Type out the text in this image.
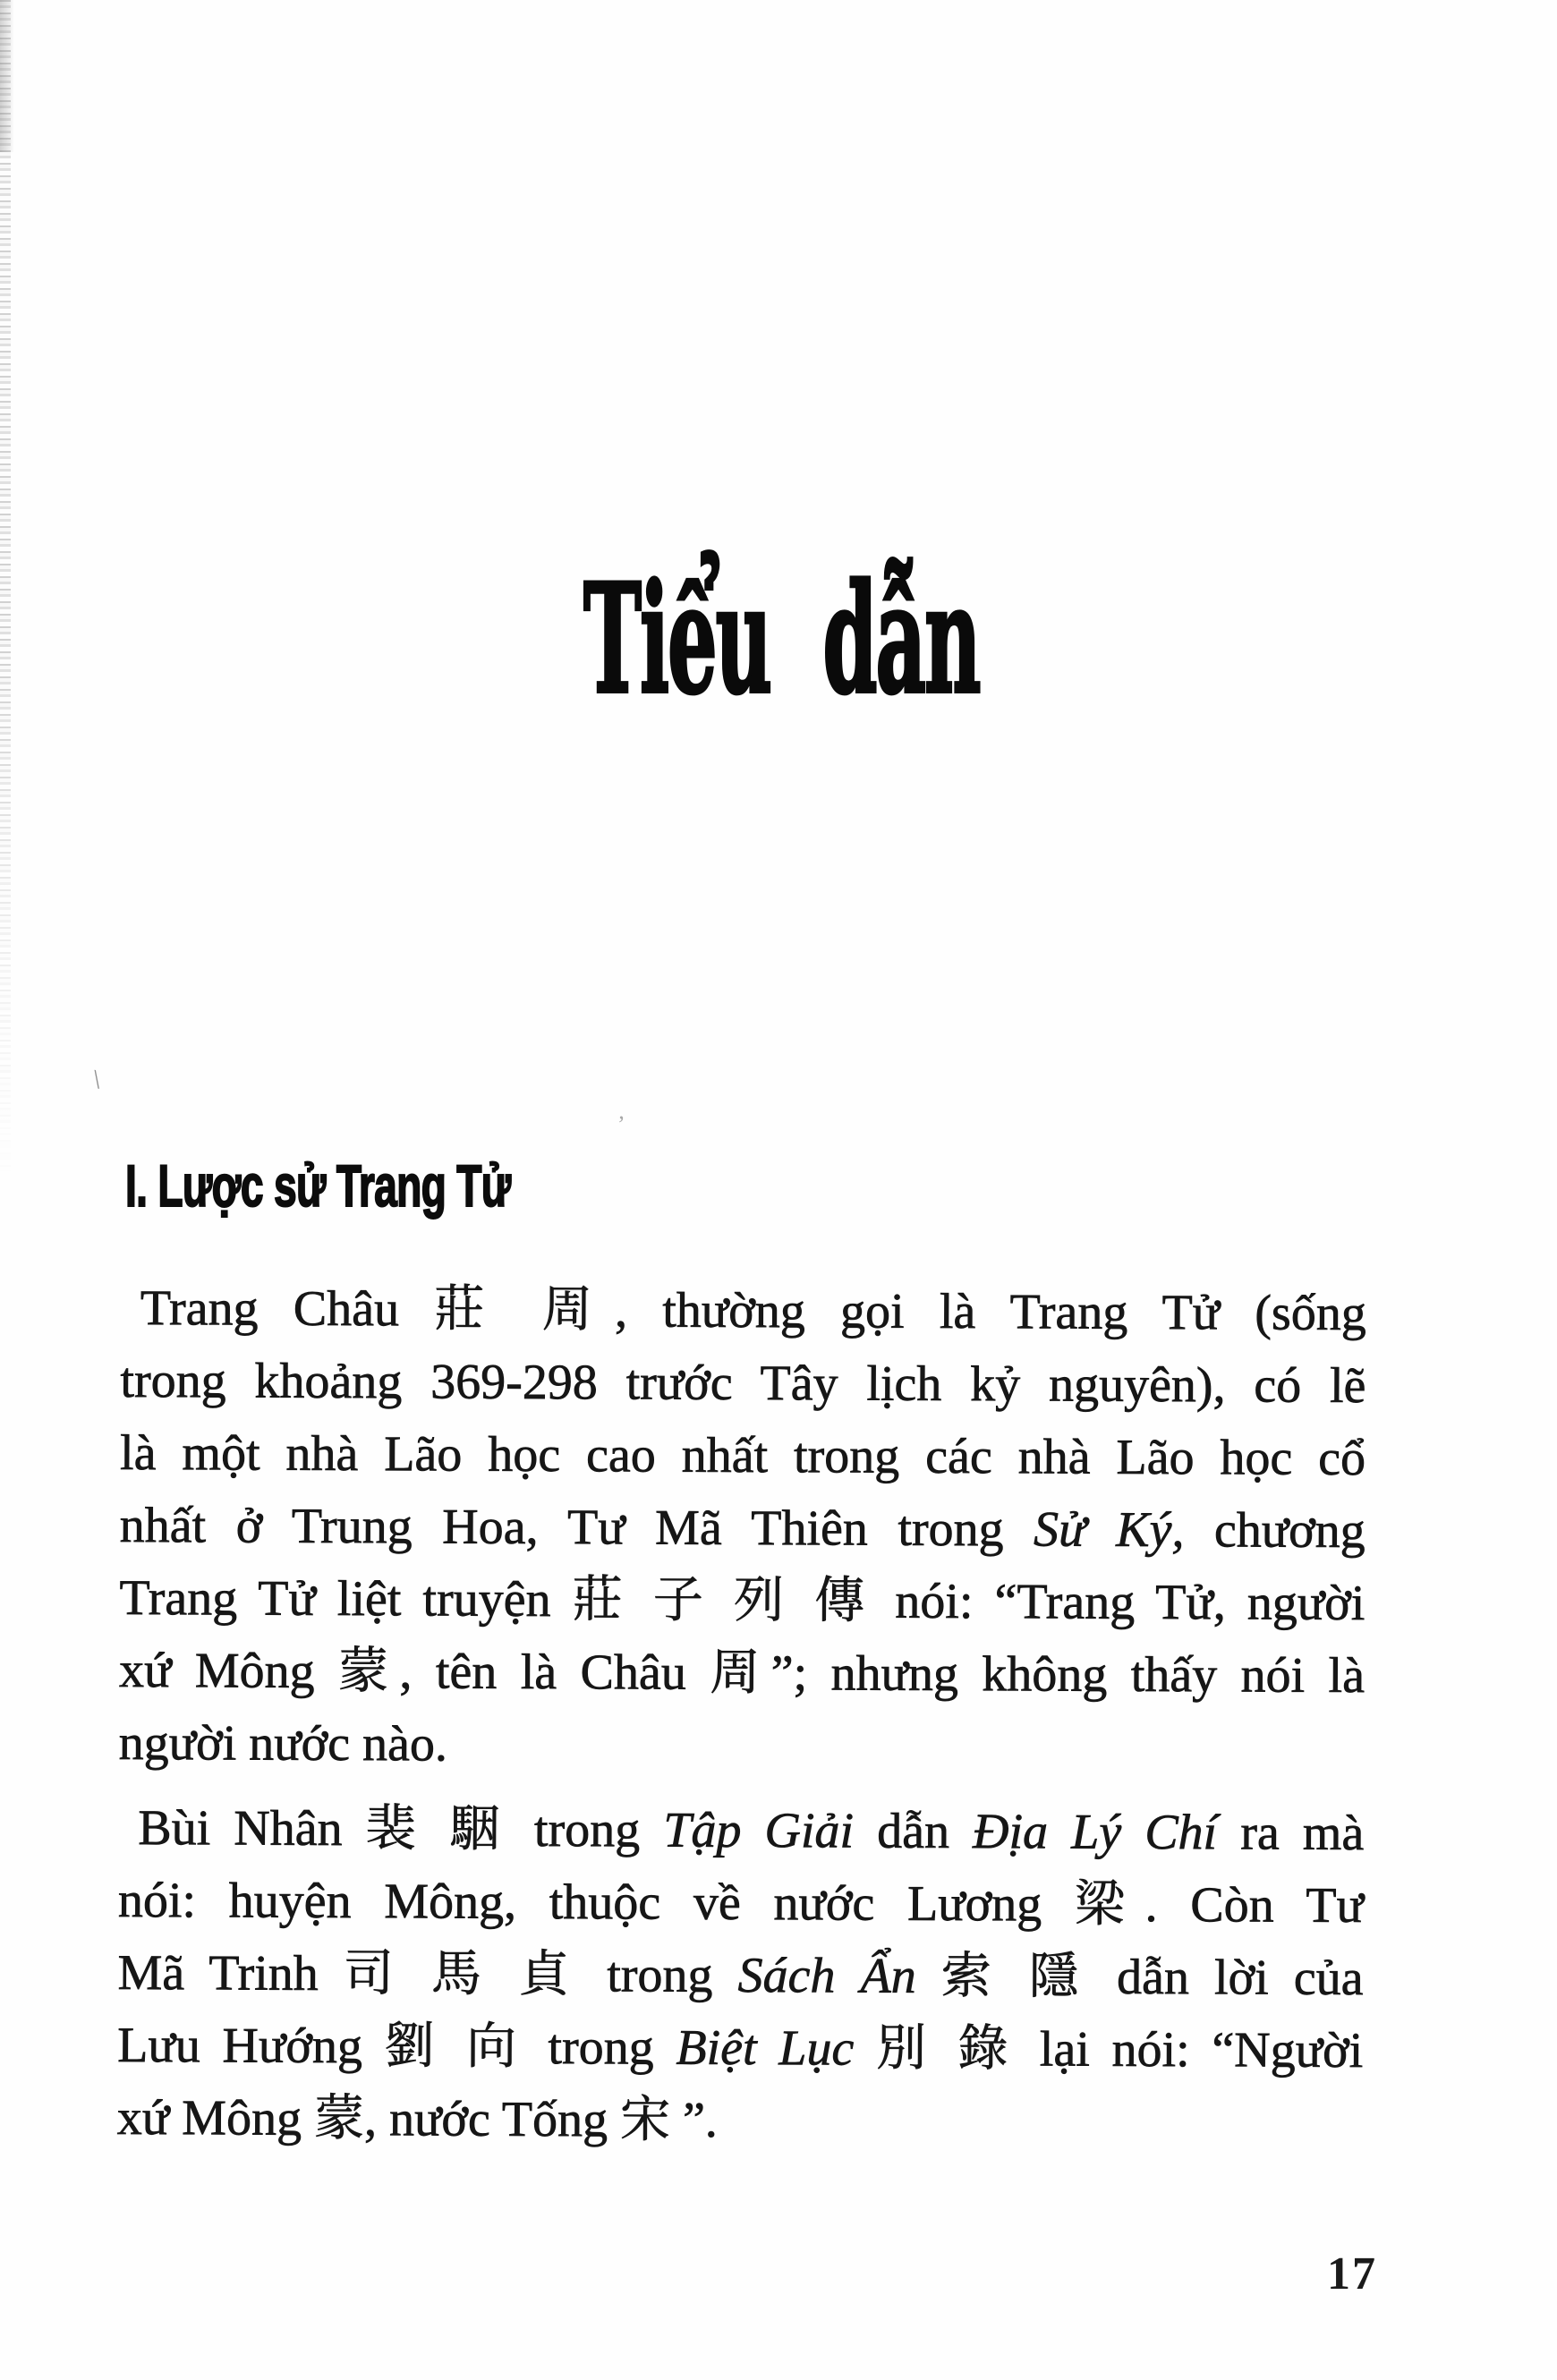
Tiểu dẫn
\
’
I. Lược sử Trang Tử
Trang Châu 莊 周, thường gọi là Trang Tử (sống
trong khoảng 369-298 trước Tây lịch kỷ nguyên), có lẽ
là một nhà Lão học cao nhất trong các nhà Lão học cổ
nhất ở Trung Hoa, Tư Mã Thiên trong Sử Ký, chương
Trang Tử liệt truyện 莊 子 列 傳 nói: “Trang Tử, người
xứ Mông 蒙, tên là Châu 周”; nhưng không thấy nói là
người nước nào.
Bùi Nhân 裴 駰 trong Tập Giải dẫn Địa Lý Chí ra mà
nói: huyện Mông, thuộc về nước Lương 梁. Còn Tư
Mã Trinh 司 馬 貞 trong Sách Ẩn 索 隱 dẫn lời của
Lưu Hướng 劉 向 trong Biệt Lục 別 錄 lại nói: “Người
xứ Mông 蒙, nước Tống 宋 ”.
17
